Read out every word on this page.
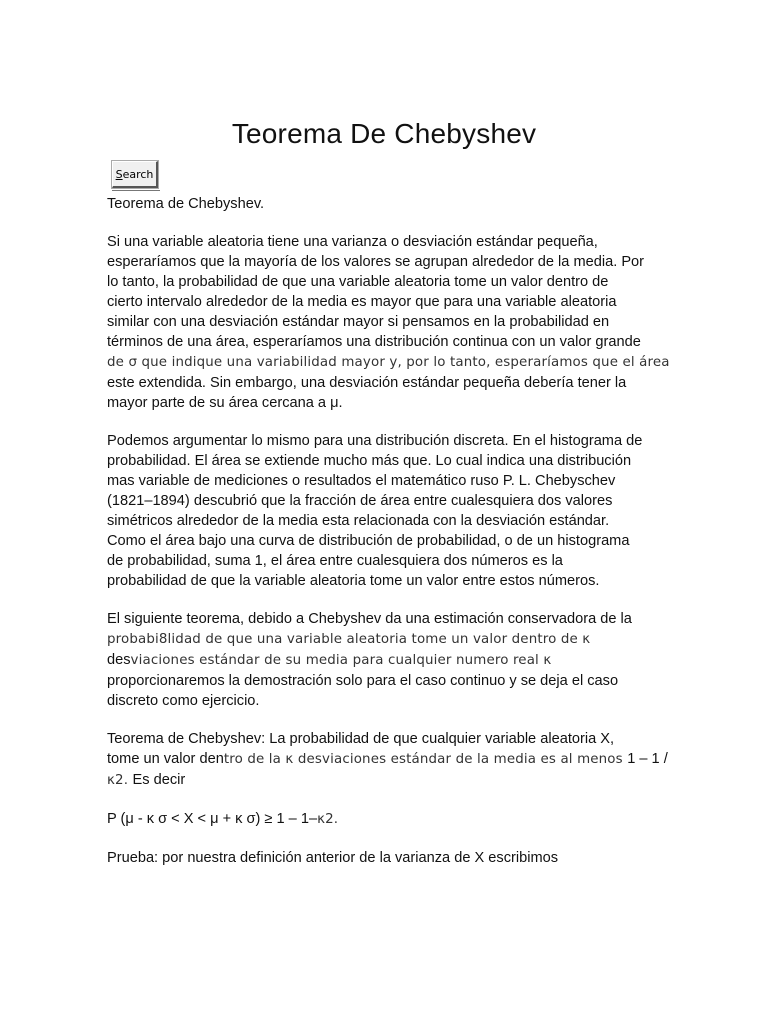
Teorema De Chebyshev
Search

Teorema de Chebyshev.

Si una variable aleatoria tiene una varianza o desviación estándar pequeña,
esperaríamos que la mayoría de los valores se agrupan alrededor de la media. Por
lo tanto, la probabilidad de que una variable aleatoria tome un valor dentro de
cierto intervalo alrededor de la media es mayor que para una variable aleatoria
similar con una desviación estándar mayor si pensamos en la probabilidad en
términos de una área, esperaríamos una distribución continua con un valor grande
de σ que indique una variabilidad mayor y, por lo tanto, esperaríamos que el área
este extendida. Sin embargo, una desviación estándar pequeña debería tener la
mayor parte de su área cercana a μ.

Podemos argumentar lo mismo para una distribución discreta. En el histograma de
probabilidad. El área se extiende mucho más que. Lo cual indica una distribución
mas variable de mediciones o resultados el matemático ruso P. L. Chebyschev
(1821–1894) descubrió que la fracción de área entre cualesquiera dos valores
simétricos alrededor de la media esta relacionada con la desviación estándar.
Como el área bajo una curva de distribución de probabilidad, o de un histograma
de probabilidad, suma 1, el área entre cualesquiera dos números es la
probabilidad de que la variable aleatoria tome un valor entre estos números.

El siguiente teorema, debido a Chebyshev da una estimación conservadora de la
probabi8lidad de que una variable aleatoria tome un valor dentro de κ
desviaciones estándar de su media para cualquier numero real κ
proporcionaremos la demostración solo para el caso continuo y se deja el caso
discreto como ejercicio.

Teorema de Chebyshev: La probabilidad de que cualquier variable aleatoria X,
tome un valor dentro de la κ desviaciones estándar de la media es al menos 1 – 1 /
κ2. Es decir

P (μ - κ σ < X < μ + κ σ) ≥ 1 – 1–κ2.

Prueba: por nuestra definición anterior de la varianza de X escribimos
